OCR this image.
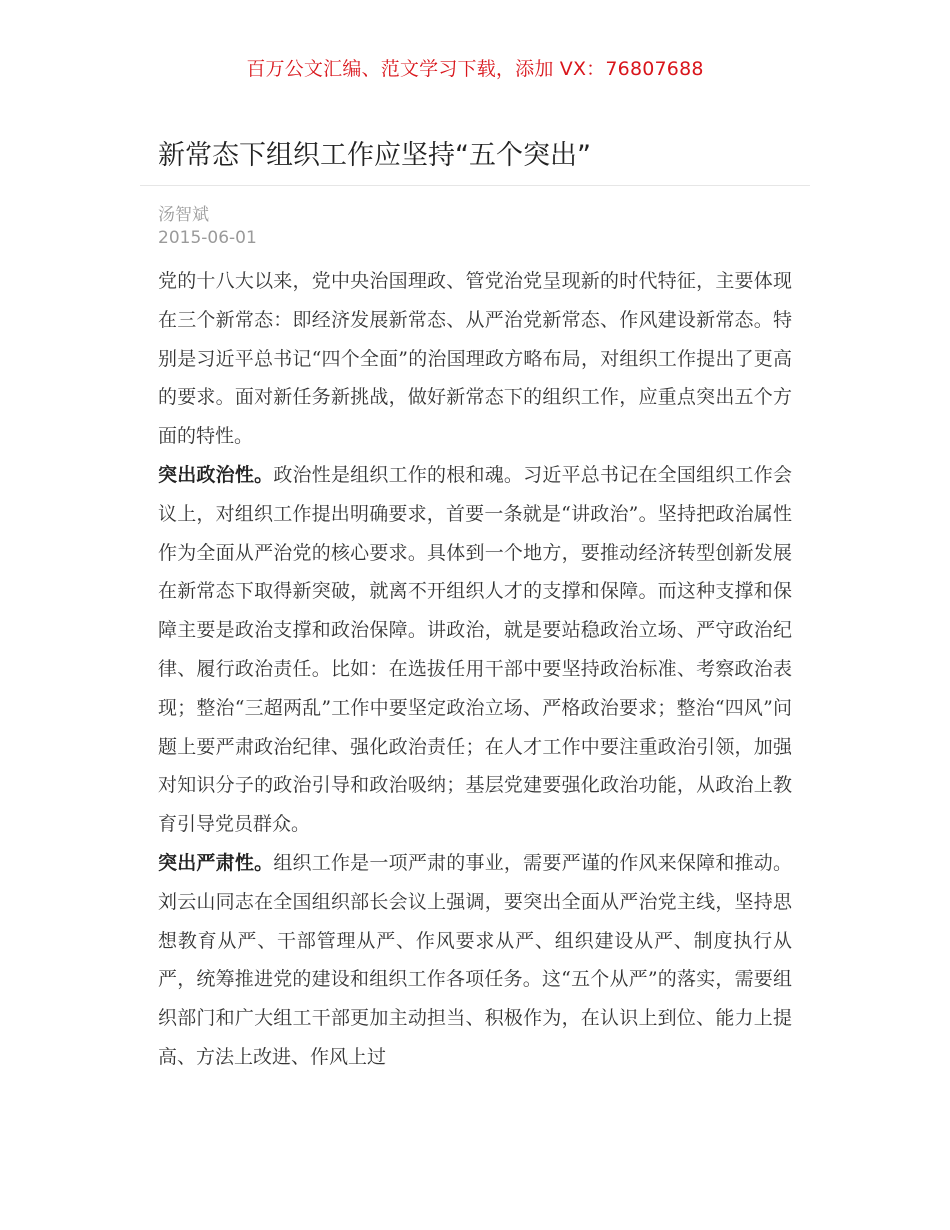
百万公文汇编、范文学习下载，添加 VX：76807688
新常态下组织工作应坚持“五个突出”
汤智斌
2015-06-01

党的十八大以来，党中央治国理政、管党治党呈现新的时代特征，主要体现在三个新常态：即经济发展新常态、从严治党新常态、作风建设新常态。特别是习近平总书记“四个全面”的治国理政方略布局，对组织工作提出了更高的要求。面对新任务新挑战，做好新常态下的组织工作，应重点突出五个方面的特性。

突出政治性。政治性是组织工作的根和魂。习近平总书记在全国组织工作会议上，对组织工作提出明确要求，首要一条就是“讲政治”。坚持把政治属性作为全面从严治党的核心要求。具体到一个地方，要推动经济转型创新发展在新常态下取得新突破，就离不开组织人才的支撑和保障。而这种支撑和保障主要是政治支撑和政治保障。讲政治，就是要站稳政治立场、严守政治纪律、履行政治责任。比如：在选拔任用干部中要坚持政治标准、考察政治表现；整治“三超两乱”工作中要坚定政治立场、严格政治要求；整治“四风”问题上要严肃政治纪律、强化政治责任；在人才工作中要注重政治引领，加强对知识分子的政治引导和政治吸纳；基层党建要强化政治功能，从政治上教育引导党员群众。

突出严肃性。组织工作是一项严肃的事业，需要严谨的作风来保障和推动。刘云山同志在全国组织部长会议上强调，要突出全面从严治党主线，坚持思想教育从严、干部管理从严、作风要求从严、组织建设从严、制度执行从严，统筹推进党的建设和组织工作各项任务。这“五个从严”的落实，需要组织部门和广大组工干部更加主动担当、积极作为，在认识上到位、能力上提高、方法上改进、作风上过
